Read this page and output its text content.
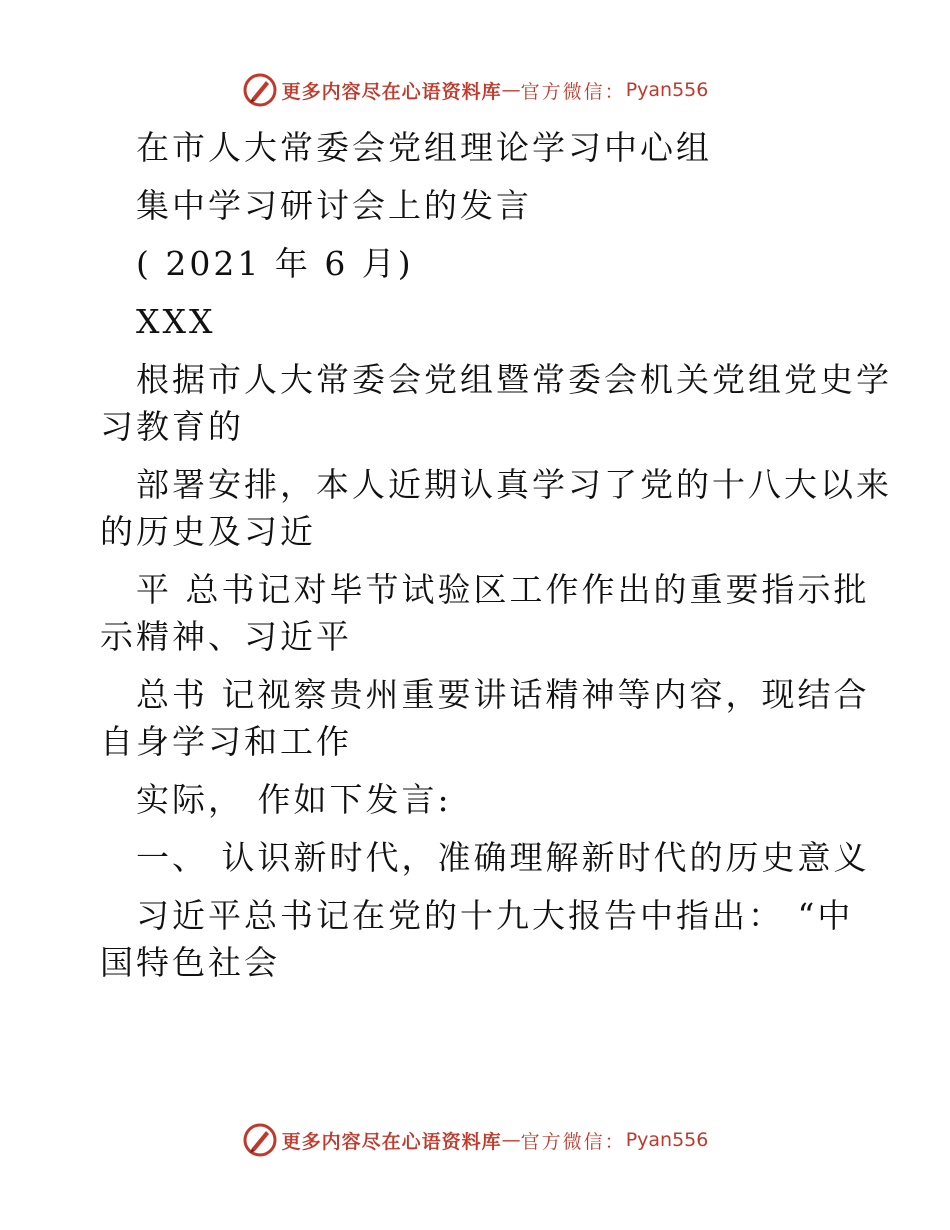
更多内容尽在心语资料库 — 官方微信： Pyan556
在市人大常委会党组理论学习中心组
集中学习研讨会上的发言
( 2021 年 6 月)
XXX
根据市人大常委会党组暨常委会机关党组党史学
习教育的
部署安排，本人近期认真学习了党的十八大以来
的历史及习近
平 总书记对毕节试验区工作作出的重要指示批
示精神、习近平
总书 记视察贵州重要讲话精神等内容，现结合
自身学习和工作
实际， 作如下发言:
一、 认识新时代，准确理解新时代的历史意义
习近平总书记在党的十九大报告中指出： “中
国特色社会
更多内容尽在心语资料库 — 官方微信： Pyan556
